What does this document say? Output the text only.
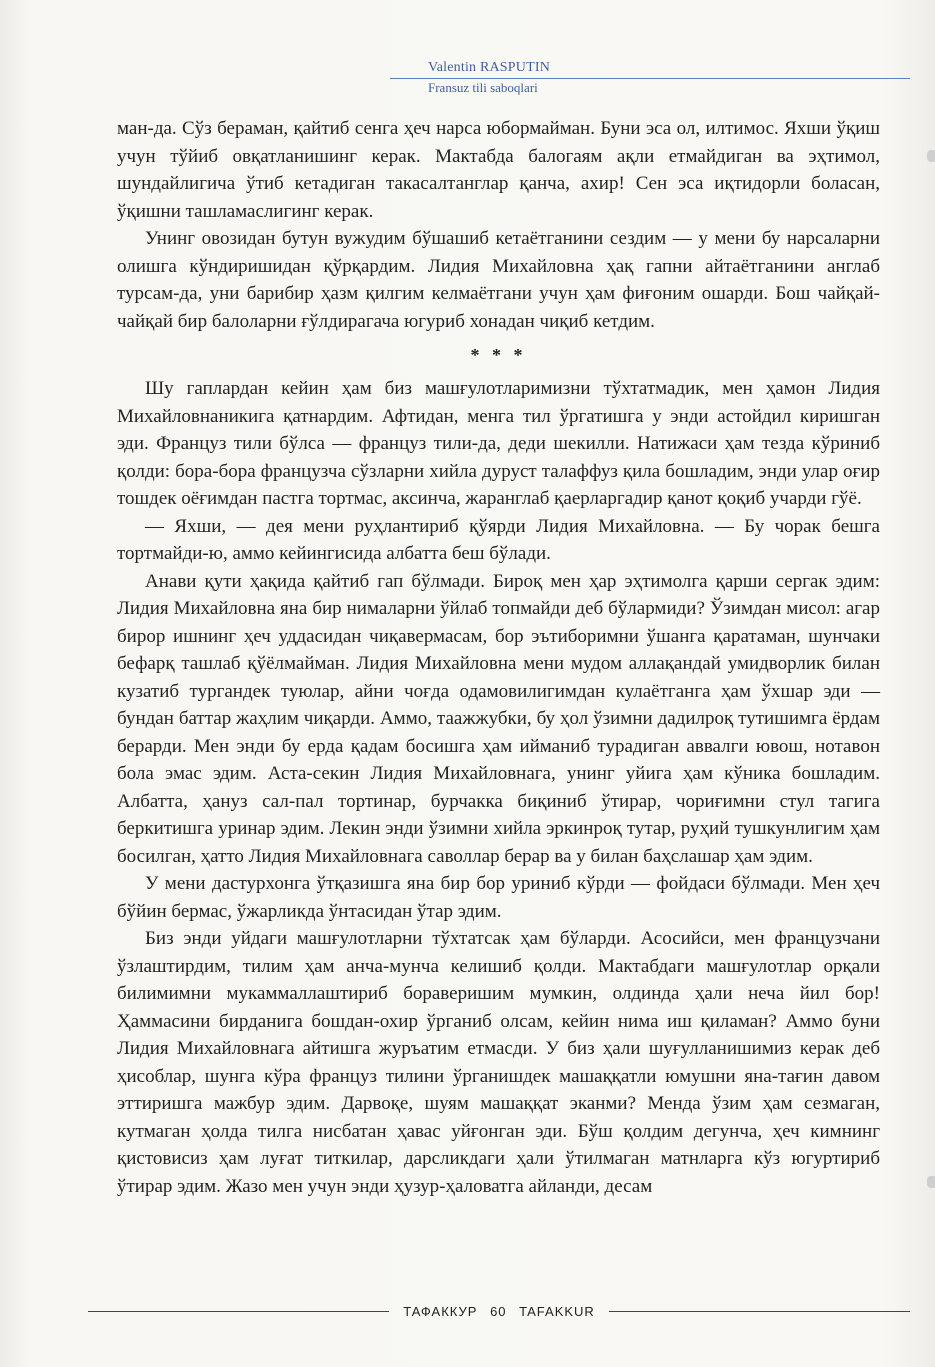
Valentin RASPUTIN
Fransuz tili saboqlari

ман-да. Сўз бераман, қайтиб сенга ҳеч нарса юбормайман. Буни эса ол, илтимос. Яхши ўқиш учун тўйиб овқатланишинг керак. Мактабда балогаям ақли етмайдиган ва эҳтимол, шундайлигича ўтиб кетадиган такасалтанглар қанча, ахир! Сен эса иқтидорли боласан, ўқишни ташламаслигинг керак.

Унинг овозидан бутун вужудим бўшашиб кетаётганини сездим — у мени бу нарсаларни олишга кўндиришидан қўрқардим. Лидия Михайловна ҳақ гапни айтаётганини англаб турсам-да, уни барибир ҳазм қилгим келмаётгани учун ҳам фиғоним ошарди. Бош чайқай-чайқай бир балоларни ғўлдирагача югуриб хонадан чиқиб кетдим.

* * *

Шу гаплардан кейин ҳам биз машғулотларимизни тўхтатмадик, мен ҳамон Лидия Михайловнаникига қатнардим. Афтидан, менга тил ўргатишга у энди астойдил киришган эди. Француз тили бўлса — француз тили-да, деди шекилли. Натижаси ҳам тезда кўриниб қолди: бора-бора французча сўзларни хийла дуруст талаффуз қила бошладим, энди улар оғир тошдек оёғимдан пастга тортмас, аксинча, жаранглаб қаерларгадир қанот қоқиб учарди гўё.

— Яхши, — дея мени руҳлантириб қўярди Лидия Михайловна. — Бу чорак бешга тортмайди-ю, аммо кейингисида албатта беш бўлади.

Анави қути ҳақида қайтиб гап бўлмади. Бироқ мен ҳар эҳтимолга қарши сергак эдим: Лидия Михайловна яна бир нималарни ўйлаб топмайди деб бўлармиди? Ўзимдан мисол: агар бирор ишнинг ҳеч уддасидан чиқавермасам, бор эътиборимни ўшанга қаратаман, шунчаки бефарқ ташлаб қўёлмайман. Лидия Михайловна мени мудом аллақандай умидворлик билан кузатиб тургандек туюлар, айни чоғда одамовилигимдан кулаётганга ҳам ўхшар эди — бундан баттар жаҳлим чиқарди. Аммо, таажжубки, бу ҳол ўзимни дадилроқ тутишимга ёрдам берарди. Мен энди бу ерда қадам босишга ҳам ийманиб турадиган аввалги ювош, нотавон бола эмас эдим. Аста-секин Лидия Михайловнага, унинг уйига ҳам кўника бошладим. Албатта, ҳануз сал-пал тортинар, бурчакка биқиниб ўтирар, чориғимни стул тагига беркитишга уринар эдим. Лекин энди ўзимни хийла эркинроқ тутар, руҳий тушкунлигим ҳам босилган, ҳатто Лидия Михайловнага саволлар берар ва у билан баҳслашар ҳам эдим.

У мени дастурхонга ўтқазишга яна бир бор уриниб кўрди — фойдаси бўлмади. Мен ҳеч бўйин бермас, ўжарликда ўнтасидан ўтар эдим.

Биз энди уйдаги машғулотларни тўхтатсак ҳам бўларди. Асосийси, мен французчани ўзлаштирдим, тилим ҳам анча-мунча келишиб қолди. Мактабдаги машғулотлар орқали билимимни мукаммаллаштириб бораверишим мумкин, олдинда ҳали неча йил бор! Ҳаммасини бирданига бошдан-охир ўрганиб олсам, кейин нима иш қиламан? Аммо буни Лидия Михайловнага айтишга журъатим етмасди. У биз ҳали шуғулланишимиз керак деб ҳисоблар, шунга кўра француз тилини ўрганишдек машаққатли юмушни яна-тағин давом эттиришга мажбур эдим. Дарвоқе, шуям машаққат эканми? Менда ўзим ҳам сезмаган, кутмаган ҳолда тилга нисбатан ҳавас уйғонган эди. Бўш қолдим дегунча, ҳеч кимнинг қистовисиз ҳам луғат титкилар, дарсликдаги ҳали ўтилмаган матнларга кўз югуртириб ўтирар эдим. Жазо мен учун энди ҳузур-ҳаловатга айланди, десам

ТАФАККУР 60 TAFAKKUR
